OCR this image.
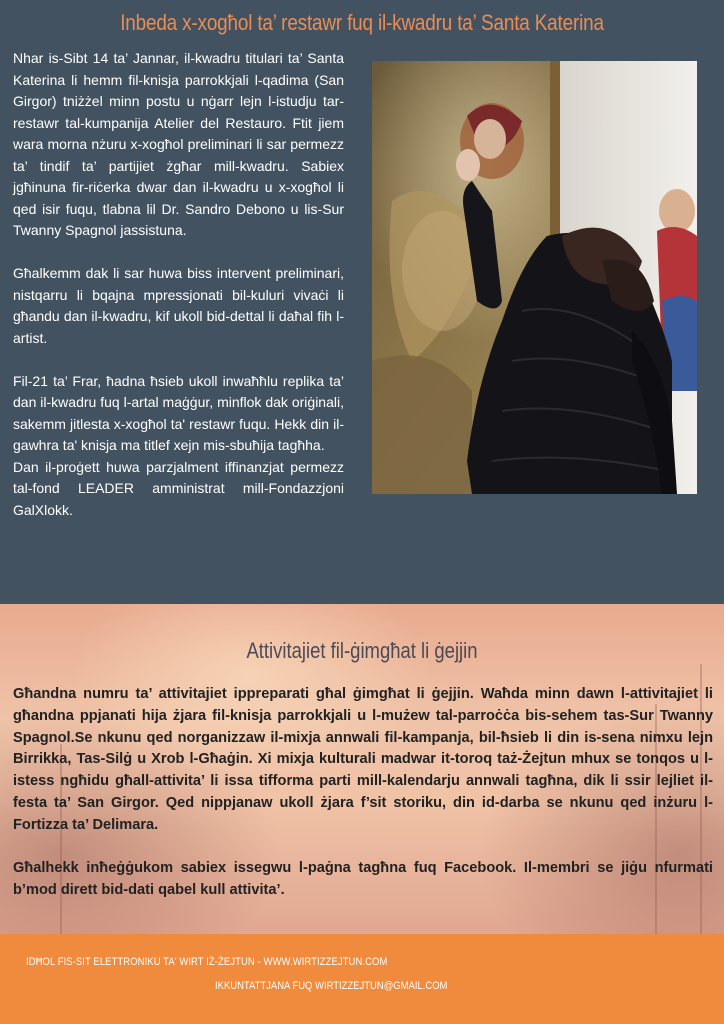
Inbeda x-xogħol ta’ restawr fuq il-kwadru ta’ Santa Katerina

Nhar is-Sibt 14 ta’ Jannar, il-kwadru titulari ta’ Santa Katerina li hemm fil-knisja parrokkjali l-qadima (San Girgor) tniżżel minn postu u nġarr lejn l-istudju tar-restawr tal-kumpanija Atelier del Restauro. Ftit jiem wara morna nżuru x-xogħol preliminari li sar permezz ta’ tindif ta’ partijiet żgħar mill-kwadru. Sabiex jgħinuna fir-riċerka dwar dan il-kwadru u x-xogħol li qed isir fuqu, tlabna lil Dr. Sandro Debono u lis-Sur Twanny Spagnol jassistuna.

Għalkemm dak li sar huwa biss intervent preliminari, nistqarru li bqajna mpressjonati bil-kuluri vivaċi li għandu dan il-kwadru, kif ukoll bid-dettal li daħal fih l-artist.

Fil-21 ta’ Frar, ħadna ħsieb ukoll inwaħħlu replika ta’ dan il-kwadru fuq l-artal maġġur, minflok dak oriġinali, sakemm jitlesta x-xogħol ta' restawr fuqu. Hekk din il-gawhra ta' knisja ma titlef xejn mis-sbuħija tagħha.

Dan il-proġett huwa parzjalment iffinanzjat permezz tal-fond LEADER amministrat mill-Fondazzjoni GalXlokk.

Attivitajiet fil-ġimgħat li ġejjin

Għandna numru ta’ attivitajiet ippreparati għal ġimgħat li ġejjin. Waħda minn dawn l-attivitajiet li għandna ppjanati hija żjara fil-knisja parrokkjali u l-mużew tal-parroċċa bis-sehem tas-Sur Twanny Spagnol.Se nkunu qed norganizzaw il-mixja annwali fil-kampanja, bil-ħsieb li din is-sena nimxu lejn Birrikka, Tas-Silġ u Xrob l-Għaġin. Xi mixja kulturali madwar it-toroq taż-Żejtun mhux se tonqos u l-istess ngħidu għall-attivita’ li issa tifforma parti mill-kalendarju annwali tagħna, dik li ssir lejliet il-festa ta’ San Girgor. Qed nippjanaw ukoll żjara f’sit storiku, din id-darba se nkunu qed inżuru l-Fortizza ta’ Delimara.

Għalhekk inħeġġukom sabiex issegwu l-paġna tagħna fuq Facebook. Il-membri se jiġu nfurmati b’mod dirett bid-dati qabel kull attivita’.

IDĦOL FIS-SIT ELETTRONIKU TA' WIRT IŻ-ŻEJTUN - WWW.WIRTIZZEJTUN.COM
IKKUNTATTJANA FUQ WIRTIZZEJTUN@GMAIL.COM
